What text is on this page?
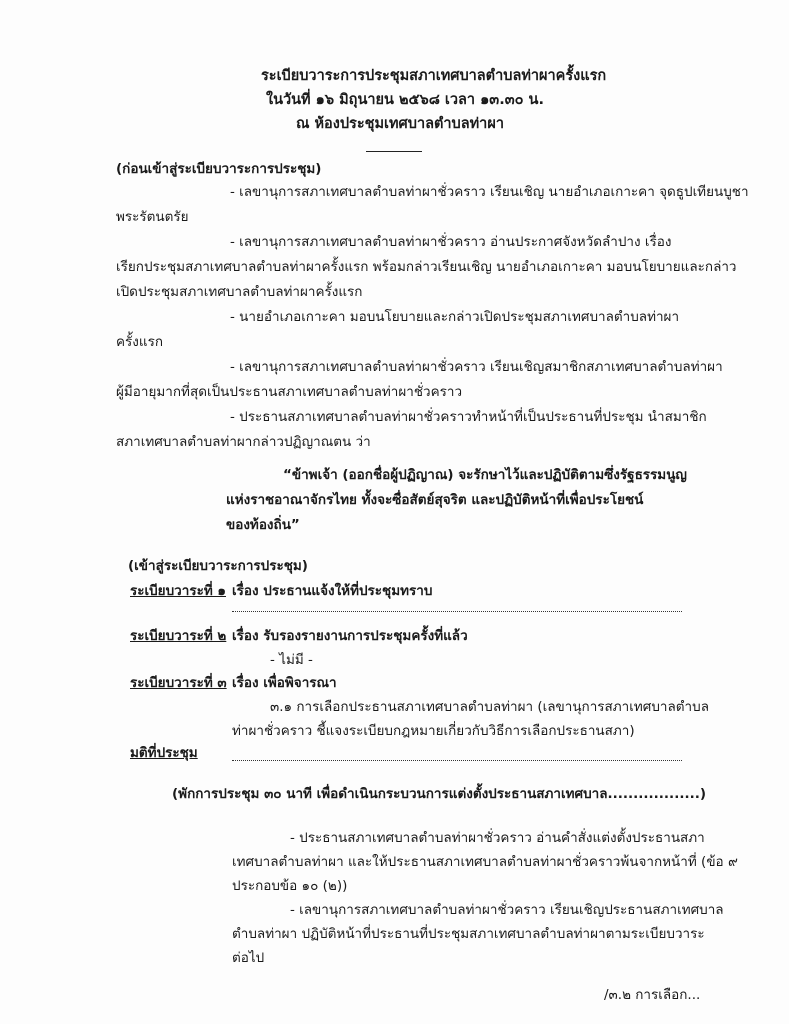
ระเบียบวาระการประชุมสภาเทศบาลตำบลท่าผาครั้งแรก
ในวันที่ ๑๖ มิถุนายน ๒๕๖๘ เวลา ๑๓.๓๐ น.
ณ ห้องประชุมเทศบาลตำบลท่าผา
(ก่อนเข้าสู่ระเบียบวาระการประชุม)
- เลขานุการสภาเทศบาลตำบลท่าผาชั่วคราว เรียนเชิญ นายอำเภอเกาะคา จุดธูปเทียนบูชา
พระรัตนตรัย
- เลขานุการสภาเทศบาลตำบลท่าผาชั่วคราว อ่านประกาศจังหวัดลำปาง เรื่อง
เรียกประชุมสภาเทศบาลตำบลท่าผาครั้งแรก พร้อมกล่าวเรียนเชิญ นายอำเภอเกาะคา มอบนโยบายและกล่าว
เปิดประชุมสภาเทศบาลตำบลท่าผาครั้งแรก
- นายอำเภอเกาะคา มอบนโยบายและกล่าวเปิดประชุมสภาเทศบาลตำบลท่าผา
ครั้งแรก
- เลขานุการสภาเทศบาลตำบลท่าผาชั่วคราว เรียนเชิญสมาชิกสภาเทศบาลตำบลท่าผา
ผู้มีอายุมากที่สุดเป็นประธานสภาเทศบาลตำบลท่าผาชั่วคราว
- ประธานสภาเทศบาลตำบลท่าผาชั่วคราวทำหน้าที่เป็นประธานที่ประชุม นำสมาชิก
สภาเทศบาลตำบลท่าผากล่าวปฏิญาณตน ว่า
“ข้าพเจ้า (ออกชื่อผู้ปฏิญาณ) จะรักษาไว้และปฏิบัติตามซึ่งรัฐธรรมนูญ
แห่งราชอาณาจักรไทย ทั้งจะซื่อสัตย์สุจริต และปฏิบัติหน้าที่เพื่อประโยชน์
ของท้องถิ่น”
(เข้าสู่ระเบียบวาระการประชุม)
ระเบียบวาระที่ ๑ เรื่อง ประธานแจ้งให้ที่ประชุมทราบ
ระเบียบวาระที่ ๒ เรื่อง รับรองรายงานการประชุมครั้งที่แล้ว
- ไม่มี -
ระเบียบวาระที่ ๓ เรื่อง เพื่อพิจารณา
๓.๑ การเลือกประธานสภาเทศบาลตำบลท่าผา (เลขานุการสภาเทศบาลตำบล
ท่าผาชั่วคราว ชี้แจงระเบียบกฎหมายเกี่ยวกับวิธีการเลือกประธานสภา)
มติที่ประชุม
(พักการประชุม ๓๐ นาที เพื่อดำเนินกระบวนการแต่งตั้งประธานสภาเทศบาล..................)
- ประธานสภาเทศบาลตำบลท่าผาชั่วคราว อ่านคำสั่งแต่งตั้งประธานสภา
เทศบาลตำบลท่าผา และให้ประธานสภาเทศบาลตำบลท่าผาชั่วคราวพ้นจากหน้าที่ (ข้อ ๙
ประกอบข้อ ๑๐ (๒))
- เลขานุการสภาเทศบาลตำบลท่าผาชั่วคราว เรียนเชิญประธานสภาเทศบาล
ตำบลท่าผา ปฏิบัติหน้าที่ประธานที่ประชุมสภาเทศบาลตำบลท่าผาตามระเบียบวาระ
ต่อไป
/๓.๒ การเลือก...
